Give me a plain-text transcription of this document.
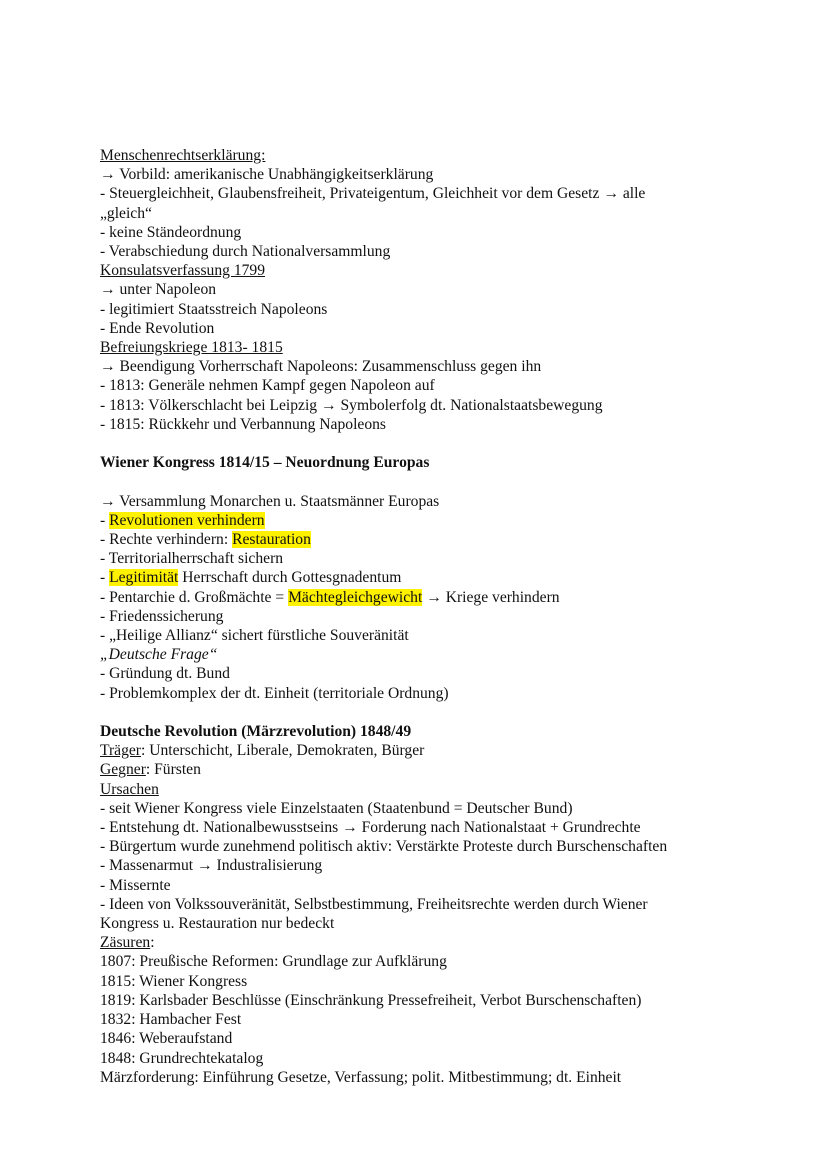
Menschenrechtserklärung:
→ Vorbild: amerikanische Unabhängigkeitserklärung
- Steuergleichheit, Glaubensfreiheit, Privateigentum, Gleichheit vor dem Gesetz → alle
„gleich“
- keine Ständeordnung
- Verabschiedung durch Nationalversammlung
Konsulatsverfassung 1799
→ unter Napoleon
- legitimiert Staatsstreich Napoleons
- Ende Revolution
Befreiungskriege 1813- 1815
→ Beendigung Vorherrschaft Napoleons: Zusammenschluss gegen ihn
- 1813: Generäle nehmen Kampf gegen Napoleon auf
- 1813: Völkerschlacht bei Leipzig → Symbolerfolg dt. Nationalstaatsbewegung
- 1815: Rückkehr und Verbannung Napoleons
Wiener Kongress 1814/15 – Neuordnung Europas
→ Versammlung Monarchen u. Staatsmänner Europas
- Revolutionen verhindern
- Rechte verhindern: Restauration
- Territorialherrschaft sichern
- Legitimität Herrschaft durch Gottesgnadentum
- Pentarchie d. Großmächte = Mächtegleichgewicht → Kriege verhindern
- Friedenssicherung
- „Heilige Allianz“ sichert fürstliche Souveränität
„Deutsche Frage“
- Gründung dt. Bund
- Problemkomplex der dt. Einheit (territoriale Ordnung)
Deutsche Revolution (Märzrevolution) 1848/49
Träger: Unterschicht, Liberale, Demokraten, Bürger
Gegner: Fürsten
Ursachen
- seit Wiener Kongress viele Einzelstaaten (Staatenbund = Deutscher Bund)
- Entstehung dt. Nationalbewusstseins → Forderung nach Nationalstaat + Grundrechte
- Bürgertum wurde zunehmend politisch aktiv: Verstärkte Proteste durch Burschenschaften
- Massenarmut → Industralisierung
- Missernte
- Ideen von Volkssouveränität, Selbstbestimmung, Freiheitsrechte werden durch Wiener
Kongress u. Restauration nur bedeckt
Zäsuren:
1807: Preußische Reformen: Grundlage zur Aufklärung
1815: Wiener Kongress
1819: Karlsbader Beschlüsse (Einschränkung Pressefreiheit, Verbot Burschenschaften)
1832: Hambacher Fest
1846: Weberaufstand
1848: Grundrechtekatalog
Märzforderung: Einführung Gesetze, Verfassung; polit. Mitbestimmung; dt. Einheit
